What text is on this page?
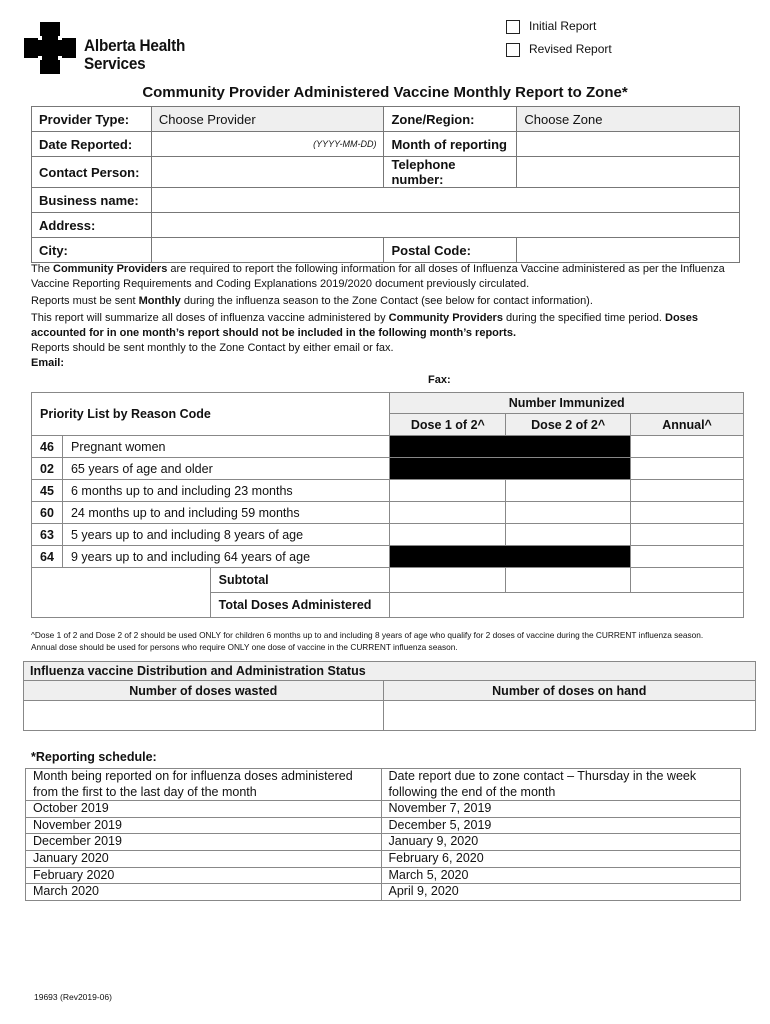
Initial Report
Revised Report
Alberta Health
Services
Community Provider Administered Vaccine Monthly Report to Zone*
Provider Type:	Choose Provider	Zone/Region:	Choose Zone
Date Reported:	(YYYY-MM-DD)	Month of reporting	
Contact Person:		Telephone number:	
Business name:			
Address:			
City:		Postal Code:	

The Community Providers are required to report the following information for all doses of Influenza Vaccine administered as per the Influenza Vaccine Reporting Requirements and Coding Explanations 2019/2020 document previously circulated.

Reports must be sent Monthly during the influenza season to the Zone Contact (see below for contact information).

This report will summarize all doses of influenza vaccine administered by Community Providers during the specified time period. Doses accounted for in one month’s report should not be included in the following month’s reports.

Reports should be sent monthly to the Zone Contact by either email or fax.

Email:

Fax:
Priority List by Reason Code			Number Immunized		
			Dose 1 of 2^	Dose 2 of 2^	Annual^
46	Pregnant women				
02	65 years of age and older				
45	6 months up to and including 23 months				
60	24 months up to and including 59 months				
63	5 years up to and including 8 years of age				
64	9 years up to and including 64 years of age				
		Subtotal			
		Total Doses Administered			
^Dose 1 of 2 and Dose 2 of 2 should be used ONLY for children 6 months up to and including 8 years of age who qualify for 2 doses of vaccine during the CURRENT influenza season.
Annual dose should be used for persons who require ONLY one dose of vaccine in the CURRENT influenza season.
Influenza vaccine Distribution and Administration Status	
Number of doses wasted	Number of doses on hand

*Reporting schedule:
Month being reported on for influenza doses administered from the first to the last day of the month	Date report due to zone contact – Thursday in the week following the end of the month
October 2019	November 7, 2019
November 2019	December 5, 2019
December 2019	January 9, 2020
January 2020	February 6, 2020
February 2020	March 5, 2020
March 2020	April 9, 2020
19693 (Rev2019-06)
